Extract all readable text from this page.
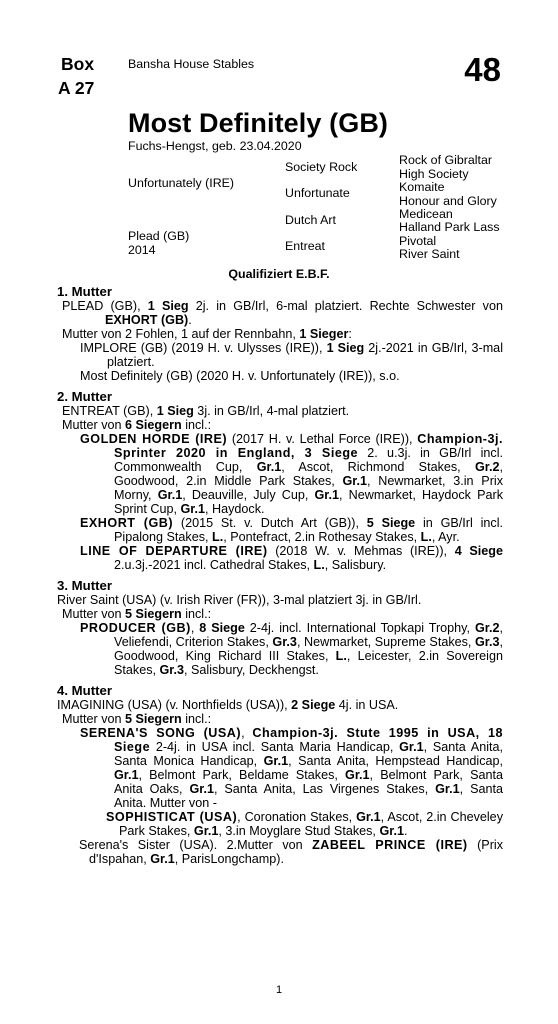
Box
A 27
Bansha House Stables	48
Most Definitely (GB)
Fuchs-Hengst, geb. 23.04.2020
Unfortunately (IRE)
Plead (GB)
2014
Society Rock
Unfortunate
Dutch Art
Entreat
Rock of Gibraltar
High Society
Komaite
Honour and Glory
Medicean
Halland Park Lass
Pivotal
River Saint
Qualifiziert E.B.F.
1. Mutter
PLEAD (GB), 1 Sieg 2j. in GB/Irl, 6-mal platziert. Rechte Schwester von EXHORT (GB).
Mutter von 2 Fohlen, 1 auf der Rennbahn, 1 Sieger:
IMPLORE (GB) (2019 H. v. Ulysses (IRE)), 1 Sieg 2j.-2021 in GB/Irl, 3-mal platziert.
Most Definitely (GB) (2020 H. v. Unfortunately (IRE)), s.o.
2. Mutter
ENTREAT (GB), 1 Sieg 3j. in GB/Irl, 4-mal platziert.
Mutter von 6 Siegern incl.:
GOLDEN HORDE (IRE) (2017 H. v. Lethal Force (IRE)), Champion-3j. Sprinter 2020 in England, 3 Siege 2. u.3j. in GB/Irl incl. Commonwealth Cup, Gr.1, Ascot, Richmond Stakes, Gr.2, Goodwood, 2.in Middle Park Stakes, Gr.1, Newmarket, 3.in Prix Morny, Gr.1, Deauville, July Cup, Gr.1, Newmarket, Haydock Park Sprint Cup, Gr.1, Haydock.
EXHORT (GB) (2015 St. v. Dutch Art (GB)), 5 Siege in GB/Irl incl. Pipalong Stakes, L., Pontefract, 2.in Rothesay Stakes, L., Ayr.
LINE OF DEPARTURE (IRE) (2018 W. v. Mehmas (IRE)), 4 Siege 2.u.3j.-2021 incl. Cathedral Stakes, L., Salisbury.
3. Mutter
River Saint (USA) (v. Irish River (FR)), 3-mal platziert 3j. in GB/Irl.
Mutter von 5 Siegern incl.:
PRODUCER (GB), 8 Siege 2-4j. incl. International Topkapi Trophy, Gr.2, Veliefendi, Criterion Stakes, Gr.3, Newmarket, Supreme Stakes, Gr.3, Goodwood, King Richard III Stakes, L., Leicester, 2.in Sovereign Stakes, Gr.3, Salisbury, Deckhengst.
4. Mutter
IMAGINING (USA) (v. Northfields (USA)), 2 Siege 4j. in USA.
Mutter von 5 Siegern incl.:
SERENA'S SONG (USA), Champion-3j. Stute 1995 in USA, 18 Siege 2-4j. in USA incl. Santa Maria Handicap, Gr.1, Santa Anita, Santa Monica Handicap, Gr.1, Santa Anita, Hempstead Handicap, Gr.1, Belmont Park, Beldame Stakes, Gr.1, Belmont Park, Santa Anita Oaks, Gr.1, Santa Anita, Las Virgenes Stakes, Gr.1, Santa Anita. Mutter von -
SOPHISTICAT (USA), Coronation Stakes, Gr.1, Ascot, 2.in Cheveley Park Stakes, Gr.1, 3.in Moyglare Stud Stakes, Gr.1.
Serena's Sister (USA). 2.Mutter von ZABEEL PRINCE (IRE) (Prix d'Ispahan, Gr.1, ParisLongchamp).
1
